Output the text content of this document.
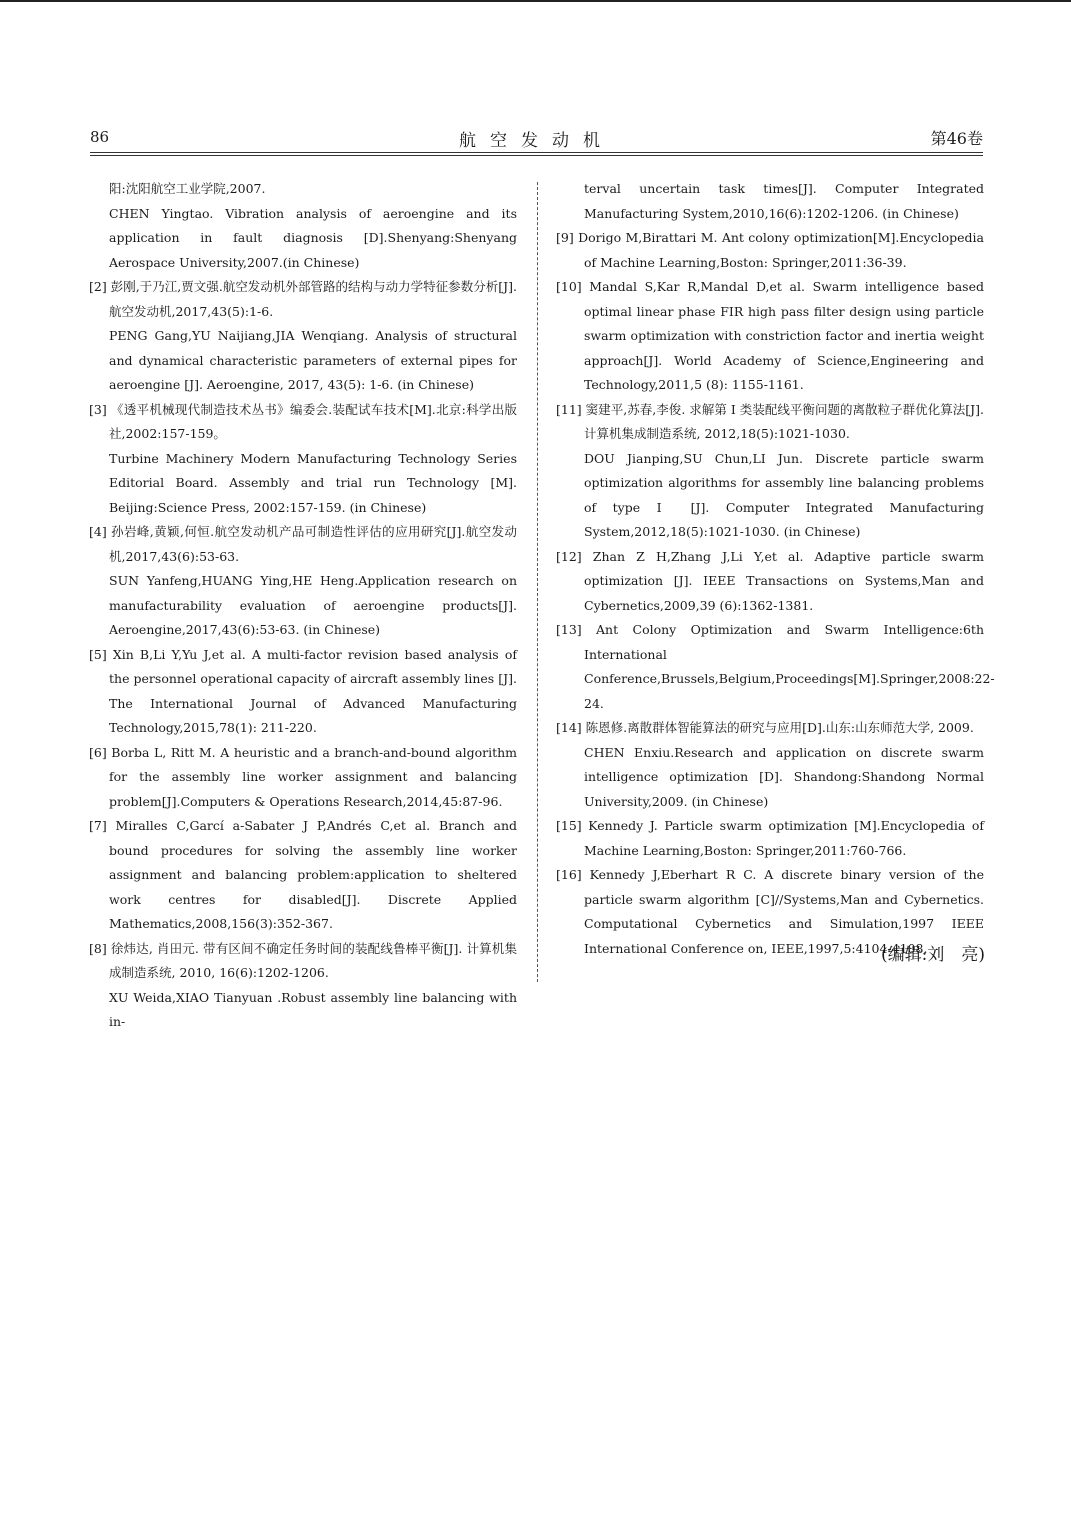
86	航空发动机	第46卷
阳:沈阳航空工业学院,2007.
CHEN Yingtao. Vibration analysis of aeroengine and its application in fault diagnosis [D].Shenyang:Shenyang Aerospace University,2007.(in Chinese)
[2] 彭刚,于乃江,贾文强.航空发动机外部管路的结构与动力学特征参数分析[J].航空发动机,2017,43(5):1-6.
PENG Gang,YU Naijiang,JIA Wenqiang. Analysis of structural and dynamical characteristic parameters of external pipes for aeroengine [J]. Aeroengine, 2017, 43(5): 1-6. (in Chinese)
[3] 《透平机械现代制造技术丛书》编委会.装配试车技术[M].北京:科学出版社,2002:157-159。
Turbine Machinery Modern Manufacturing Technology Series Editorial Board. Assembly and trial run Technology [M]. Beijing:Science Press, 2002:157-159. (in Chinese)
[4] 孙岩峰,黄颖,何恒.航空发动机产品可制造性评估的应用研究[J].航空发动机,2017,43(6):53-63.
SUN Yanfeng,HUANG Ying,HE Heng.Application research on manufacturability evaluation of aeroengine products[J]. Aeroengine,2017,43(6):53-63. (in Chinese)
[5] Xin B,Li Y,Yu J,et al. A multi-factor revision based analysis of the personnel operational capacity of aircraft assembly lines [J]. The International Journal of Advanced Manufacturing Technology,2015,78(1): 211-220.
[6] Borba L, Ritt M. A heuristic and a branch-and-bound algorithm for the assembly line worker assignment and balancing problem[J].Computers & Operations Research,2014,45:87-96.
[7] Miralles C,Garcí a-Sabater J P,Andrés C,et al. Branch and bound procedures for solving the assembly line worker assignment and balancing problem:application to sheltered work centres for disabled[J]. Discrete Applied Mathematics,2008,156(3):352-367.
[8] 徐炜达, 肖田元. 带有区间不确定任务时间的装配线鲁棒平衡[J]. 计算机集成制造系统, 2010, 16(6):1202-1206.
XU Weida,XIAO Tianyuan .Robust assembly line balancing with in-
terval uncertain task times[J]. Computer Integrated Manufacturing System,2010,16(6):1202-1206. (in Chinese)
[9] Dorigo M,Birattari M. Ant colony optimization[M].Encyclopedia of Machine Learning,Boston: Springer,2011:36-39.
[10] Mandal S,Kar R,Mandal D,et al. Swarm intelligence based optimal linear phase FIR high pass filter design using particle swarm optimization with constriction factor and inertia weight approach[J]. World Academy of Science,Engineering and Technology,2011,5 (8): 1155-1161.
[11] 窦建平,苏春,李俊. 求解第 I 类装配线平衡问题的离散粒子群优化算法[J]. 计算机集成制造系统, 2012,18(5):1021-1030.
DOU Jianping,SU Chun,LI Jun. Discrete particle swarm optimization algorithms for assembly line balancing problems of type Ⅰ [J]. Computer Integrated Manufacturing System,2012,18(5):1021-1030. (in Chinese)
[12] Zhan Z H,Zhang J,Li Y,et al. Adaptive particle swarm optimization [J]. IEEE Transactions on Systems,Man and Cybernetics,2009,39 (6):1362-1381.
[13] Ant Colony Optimization and Swarm Intelligence:6th International Conference,Brussels,Belgium,Proceedings[M].Springer,2008:22-24.
[14] 陈恩修.离散群体智能算法的研究与应用[D].山东:山东师范大学, 2009.
CHEN Enxiu.Research and application on discrete swarm intelligence optimization [D]. Shandong:Shandong Normal University,2009. (in Chinese)
[15] Kennedy J. Particle swarm optimization [M].Encyclopedia of Machine Learning,Boston: Springer,2011:760-766.
[16] Kennedy J,Eberhart R C. A discrete binary version of the particle swarm algorithm [C]//Systems,Man and Cybernetics. Computational Cybernetics and Simulation,1997 IEEE International Conference on, IEEE,1997,5:4104-4108.
(编辑:刘　亮)
